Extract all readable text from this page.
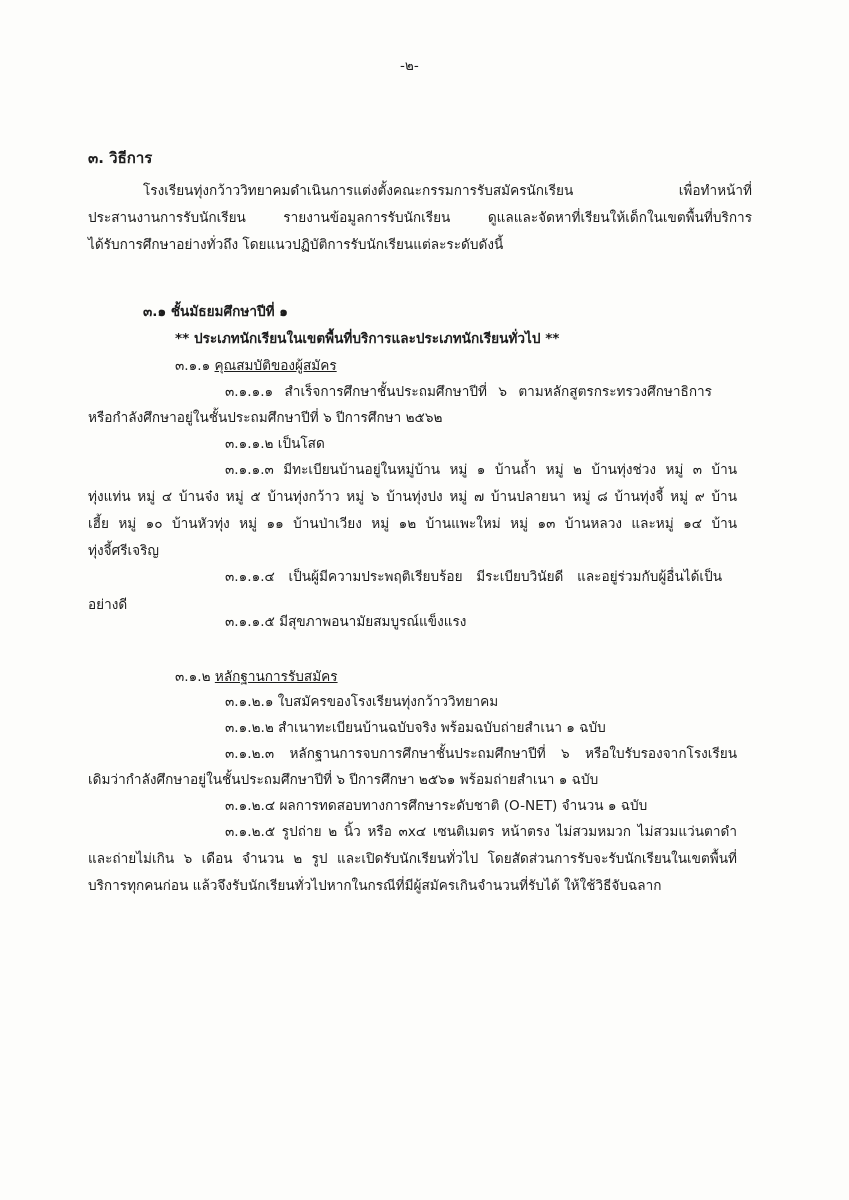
-๒-
๓. วิธีการ
โรงเรียนทุ่งกว้าววิทยาคมดำเนินการแต่งตั้งคณะกรรมการรับสมัครนักเรียน เพื่อทำหน้าที่
ประสานงานการรับนักเรียน รายงานข้อมูลการรับนักเรียน ดูแลและจัดหาที่เรียนให้เด็กในเขตพื้นที่บริการ
ได้รับการศึกษาอย่างทั่วถึง โดยแนวปฏิบัติการรับนักเรียนแต่ละระดับดังนี้
๓.๑ ชั้นมัธยมศึกษาปีที่ ๑
** ประเภทนักเรียนในเขตพื้นที่บริการและประเภทนักเรียนทั่วไป **
๓.๑.๑ คุณสมบัติของผู้สมัคร
๓.๑.๑.๑ สำเร็จการศึกษาชั้นประถมศึกษาปีที่ ๖ ตามหลักสูตรกระทรวงศึกษาธิการ
หรือกำลังศึกษาอยู่ในชั้นประถมศึกษาปีที่ ๖ ปีการศึกษา ๒๕๖๒
๓.๑.๑.๒ เป็นโสด
๓.๑.๑.๓ มีทะเบียนบ้านอยู่ในหมู่บ้าน หมู่ ๑ บ้านถ้ำ หมู่ ๒ บ้านทุ่งช่วง หมู่ ๓ บ้าน
ทุ่งแท่น หมู่ ๔ บ้านจ๋ง หมู่ ๕ บ้านทุ่งกว้าว หมู่ ๖ บ้านทุ่งปง หมู่ ๗ บ้านปลายนา หมู่ ๘ บ้านทุ่งจี้ หมู่ ๙ บ้าน
เฮี้ย หมู่ ๑๐ บ้านหัวทุ่ง หมู่ ๑๑ บ้านป่าเวียง หมู่ ๑๒ บ้านแพะใหม่ หมู่ ๑๓ บ้านหลวง และหมู่ ๑๔ บ้าน
ทุ่งจี้ศรีเจริญ
๓.๑.๑.๔ เป็นผู้มีความประพฤติเรียบร้อย มีระเบียบวินัยดี และอยู่ร่วมกับผู้อื่นได้เป็น
อย่างดี
๓.๑.๑.๕ มีสุขภาพอนามัยสมบูรณ์แข็งแรง
๓.๑.๒ หลักฐานการรับสมัคร
๓.๑.๒.๑ ใบสมัครของโรงเรียนทุ่งกว้าววิทยาคม
๓.๑.๒.๒ สำเนาทะเบียนบ้านฉบับจริง พร้อมฉบับถ่ายสำเนา ๑ ฉบับ
๓.๑.๒.๓ หลักฐานการจบการศึกษาชั้นประถมศึกษาปีที่ ๖ หรือใบรับรองจากโรงเรียน
เดิมว่ากำลังศึกษาอยู่ในชั้นประถมศึกษาปีที่ ๖ ปีการศึกษา ๒๕๖๑ พร้อมถ่ายสำเนา ๑ ฉบับ
๓.๑.๒.๔ ผลการทดสอบทางการศึกษาระดับชาติ (O-NET) จำนวน ๑ ฉบับ
๓.๑.๒.๕ รูปถ่าย ๒ นิ้ว หรือ ๓x๔ เซนติเมตร หน้าตรง ไม่สวมหมวก ไม่สวมแว่นตาดำ
และถ่ายไม่เกิน ๖ เดือน จำนวน ๒ รูป และเปิดรับนักเรียนทั่วไป โดยสัดส่วนการรับจะรับนักเรียนในเขตพื้นที่
บริการทุกคนก่อน แล้วจึงรับนักเรียนทั่วไปหากในกรณีที่มีผู้สมัครเกินจำนวนที่รับได้ ให้ใช้วิธีจับฉลาก
